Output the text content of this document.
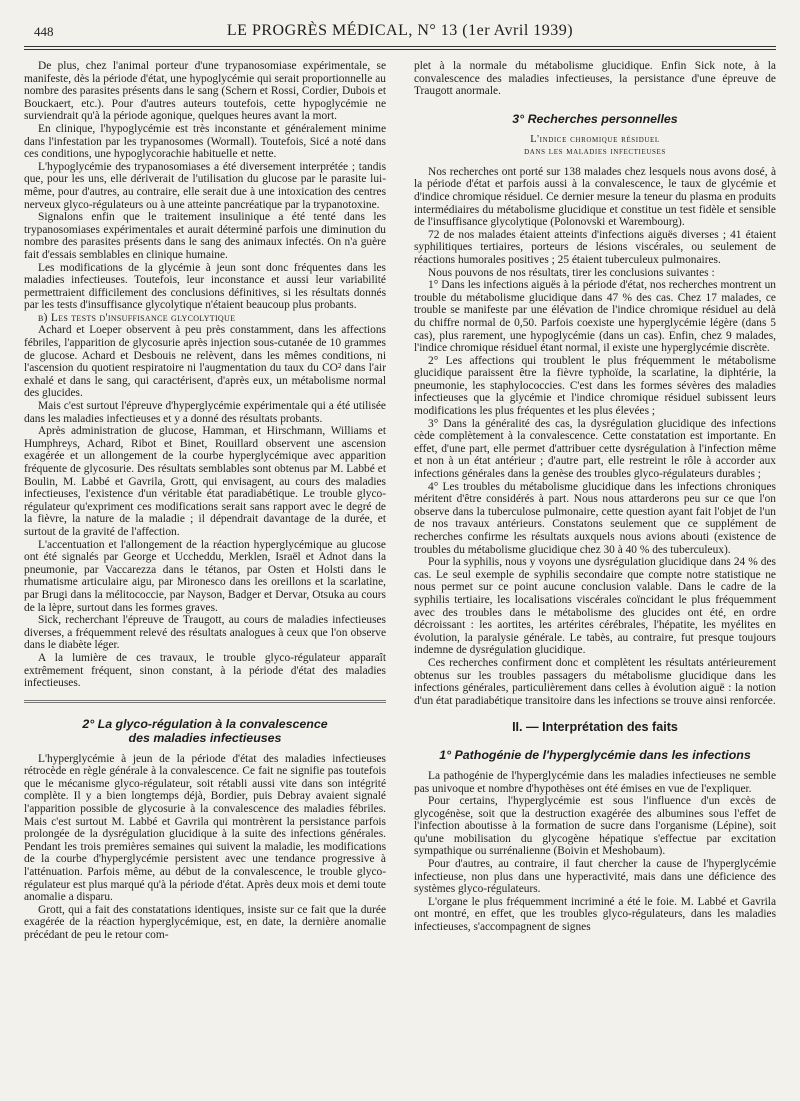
448	LE PROGRÈS MÉDICAL, N° 13 (1er Avril 1939)

De plus, chez l'animal porteur d'une trypanosomiase expérimentale, se manifeste, dès la période d'état, une hypoglycémie qui serait proportionnelle au nombre des parasites présents dans le sang (Schern et Rossi, Cordier, Dubois et Bouckaert, etc.). Pour d'autres auteurs toutefois, cette hypoglycémie ne surviendrait qu'à la période agonique, quelques heures avant la mort.

En clinique, l'hypoglycémie est très inconstante et généralement minime dans l'infestation par les trypanosomes (Wormall). Toutefois, Sicé a noté dans ces conditions, une hypoglycorachie habituelle et nette.

L'hypoglycémie des trypanosomiases a été diversement interprétée ; tandis que, pour les uns, elle dériverait de l'utilisation du glucose par le parasite lui-même, pour d'autres, au contraire, elle serait due à une intoxication des centres nerveux glyco-régulateurs ou à une atteinte pancréatique par la trypanotoxine.

Signalons enfin que le traitement insulinique a été tenté dans les trypanosomiases expérimentales et aurait déterminé parfois une diminution du nombre des parasites présents dans le sang des animaux infectés. On n'a guère fait d'essais semblables en clinique humaine.

Les modifications de la glycémie à jeun sont donc fréquentes dans les maladies infectieuses. Toutefois, leur inconstance et aussi leur variabilité permettraient difficilement des conclusions définitives, si les résultats donnés par les tests d'insuffisance glycolytique n'étaient beaucoup plus probants.

b) Les tests d'insuffisance glycolytique

Achard et Loeper observent à peu près constamment, dans les affections fébriles, l'apparition de glycosurie après injection sous-cutanée de 10 grammes de glucose. Achard et Desbouis ne relèvent, dans les mêmes conditions, ni l'ascension du quotient respiratoire ni l'augmentation du taux du CO² dans l'air exhalé et dans le sang, qui caractérisent, d'après eux, un métabolisme normal des glucides.

Mais c'est surtout l'épreuve d'hyperglycémie expérimentale qui a été utilisée dans les maladies infectieuses et y a donné des résultats probants.

Après administration de glucose, Hamman, et Hirschmann, Williams et Humphreys, Achard, Ribot et Binet, Rouillard observent une ascension exagérée et un allongement de la courbe hyperglycémique avec apparition fréquente de glycosurie. Des résultats semblables sont obtenus par M. Labbé et Boulin, M. Labbé et Gavrila, Grott, qui envisagent, au cours des maladies infectieuses, l'existence d'un véritable état paradiabétique. Le trouble glyco-régulateur qu'expriment ces modifications serait sans rapport avec le degré de la fièvre, la nature de la maladie ; il dépendrait davantage de la durée, et surtout de la gravité de l'affection.

L'accentuation et l'allongement de la réaction hyperglycémique au glucose ont été signalés par George et Uccheddu, Merklen, Israël et Adnot dans la pneumonie, par Vaccarezza dans le tétanos, par Osten et Holsti dans le rhumatisme articulaire aigu, par Mironesco dans les oreillons et la scarlatine, par Brugi dans la mélitococcie, par Nayson, Badger et Dervar, Otsuka au cours de la lèpre, surtout dans les formes graves.

Sick, recherchant l'épreuve de Traugott, au cours de maladies infectieuses diverses, a fréquemment relevé des résultats analogues à ceux que l'on observe dans le diabète léger.

A la lumière de ces travaux, le trouble glyco-régulateur apparaît extrêmement fréquent, sinon constant, à la période d'état des maladies infectieuses.

2° La glyco-régulation à la convalescence
des maladies infectieuses

L'hyperglycémie à jeun de la période d'état des maladies infectieuses rétrocède en règle générale à la convalescence. Ce fait ne signifie pas toutefois que le mécanisme glyco-régulateur, soit rétabli aussi vite dans son intégrité complète. Il y a bien longtemps déjà, Bordier, puis Debray avaient signalé l'apparition possible de glycosurie à la convalescence des maladies fébriles. Mais c'est surtout M. Labbé et Gavrila qui montrèrent la persistance parfois prolongée de la dysrégulation glucidique à la suite des infections générales. Pendant les trois premières semaines qui suivent la maladie, les modifications de la courbe d'hyperglycémie persistent avec une tendance progressive à l'atténuation. Parfois même, au début de la convalescence, le trouble glyco-régulateur est plus marqué qu'à la période d'état. Après deux mois et demi toute anomalie a disparu.

Grott, qui a fait des constatations identiques, insiste sur ce fait que la durée exagérée de la réaction hyperglycémique, est, en date, la dernière anomalie précédant de peu le retour com-

plet à la normale du métabolisme glucidique. Enfin Sick note, à la convalescence des maladies infectieuses, la persistance d'une épreuve de Traugott anormale.

3° Recherches personnelles
L'indice chromique résiduel
dans les maladies infectieuses

Nos recherches ont porté sur 138 malades chez lesquels nous avons dosé, à la période d'état et parfois aussi à la convalescence, le taux de glycémie et d'indice chromique résiduel. Ce dernier mesure la teneur du plasma en produits intermédiaires du métabolisme glucidique et constitue un test fidèle et sensible de l'insuffisance glycolytique (Polonovski et Warembourg).

72 de nos malades étaient atteints d'infections aiguës diverses ; 41 étaient syphilitiques tertiaires, porteurs de lésions viscérales, ou seulement de réactions humorales positives ; 25 étaient tuberculeux pulmonaires.

Nous pouvons de nos résultats, tirer les conclusions suivantes :

1° Dans les infections aiguës à la période d'état, nos recherches montrent un trouble du métabolisme glucidique dans 47 % des cas. Chez 17 malades, ce trouble se manifeste par une élévation de l'indice chromique résiduel au delà du chiffre normal de 0,50. Parfois coexiste une hyperglycémie légère (dans 5 cas), plus rarement, une hypoglycémie (dans un cas). Enfin, chez 9 malades, l'indice chromique résiduel étant normal, il existe une hyperglycémie discrète.

2° Les affections qui troublent le plus fréquemment le métabolisme glucidique paraissent être la fièvre typhoïde, la scarlatine, la diphtérie, la pneumonie, les staphylococcies. C'est dans les formes sévères des maladies infectieuses que la glycémie et l'indice chromique résiduel subissent leurs modifications les plus fréquentes et les plus élevées ;

3° Dans la généralité des cas, la dysrégulation glucidique des infections cède complètement à la convalescence. Cette constatation est importante. En effet, d'une part, elle permet d'attribuer cette dysrégulation à l'infection même et non à un état antérieur ; d'autre part, elle restreint le rôle à accorder aux infections générales dans la genèse des troubles glyco-régulateurs durables ;

4° Les troubles du métabolisme glucidique dans les infections chroniques méritent d'être considérés à part. Nous nous attarderons peu sur ce que l'on observe dans la tuberculose pulmonaire, cette question ayant fait l'objet de l'un de nos travaux antérieurs. Constatons seulement que ce supplément de recherches confirme les résultats auxquels nous avions abouti (existence de troubles du métabolisme glucidique chez 30 à 40 % des tuberculeux).

Pour la syphilis, nous y voyons une dysrégulation glucidique dans 24 % des cas. Le seul exemple de syphilis secondaire que compte notre statistique ne nous permet sur ce point aucune conclusion valable. Dans le cadre de la syphilis tertiaire, les localisations viscérales coïncidant le plus fréquemment avec des troubles dans le métabolisme des glucides ont été, en ordre décroissant : les aortites, les artérites cérébrales, l'hépatite, les myélites en évolution, la paralysie générale. Le tabès, au contraire, fut presque toujours indemne de dysrégulation glucidique.

Ces recherches confirment donc et complètent les résultats antérieurement obtenus sur les troubles passagers du métabolisme glucidique dans les infections générales, particulièrement dans celles à évolution aiguë : la notion d'un état paradiabétique transitoire dans les infections se trouve ainsi renforcée.

II. — Interprétation des faits
1° Pathogénie de l'hyperglycémie dans les infections

La pathogénie de l'hyperglycémie dans les maladies infectieuses ne semble pas univoque et nombre d'hypothèses ont été émises en vue de l'expliquer.

Pour certains, l'hyperglycémie est sous l'influence d'un excès de glycogénèse, soit que la destruction exagérée des albumines sous l'effet de l'infection aboutisse à la formation de sucre dans l'organisme (Lépine), soit qu'une mobilisation du glycogène hépatique s'effectue par excitation sympathique ou surrénalienne (Boivin et Meshobaum).

Pour d'autres, au contraire, il faut chercher la cause de l'hyperglycémie infectieuse, non plus dans une hyperactivité, mais dans une déficience des systèmes glyco-régulateurs.

L'organe le plus fréquemment incriminé a été le foie. M. Labbé et Gavrila ont montré, en effet, que les troubles glyco-régulateurs, dans les maladies infectieuses, s'accompagnent de signes
